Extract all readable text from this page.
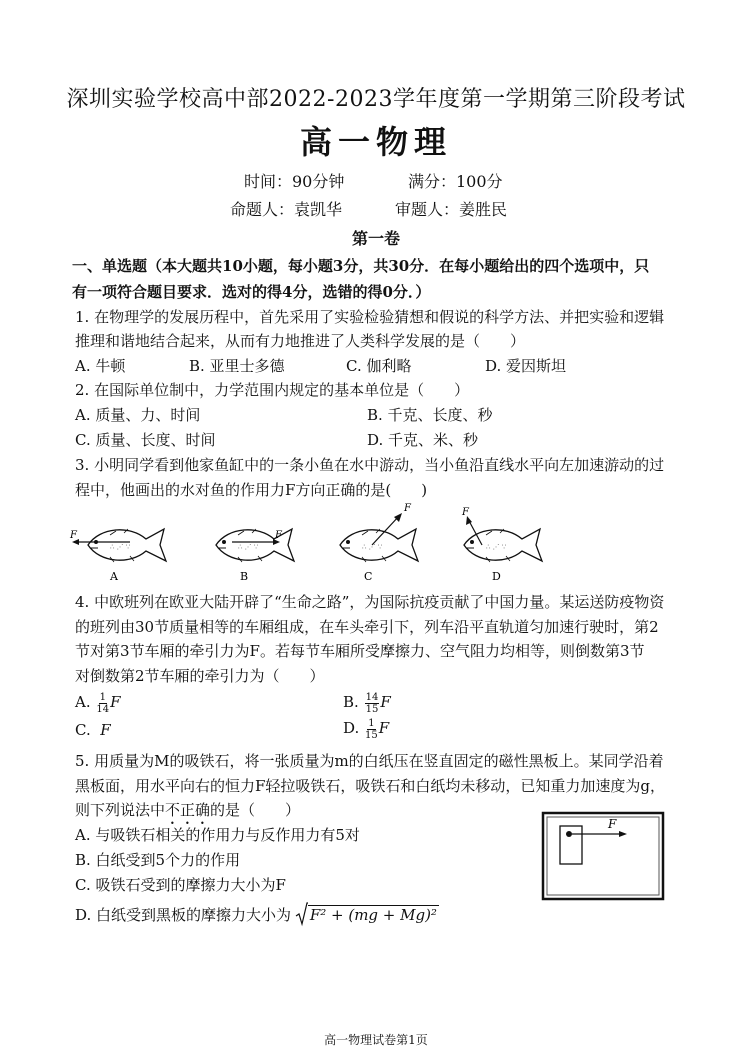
深圳实验学校高中部2022-2023学年度第一学期第三阶段考试
高一物理
时间：90分钟	满分：100分
命题人：袁凯华	审题人：姜胜民
第一卷
一、单选题（本大题共10小题，每小题3分，共30分．在每小题给出的四个选项中，只
有一项符合题目要求．选对的得4分，选错的得0分．）
1. 在物理学的发展历程中，首先采用了实验检验猜想和假说的科学方法、并把实验和逻辑
推理和谐地结合起来，从而有力地推进了人类科学发展的是（　　）
A. 牛顿	B. 亚里士多德	C. 伽利略	D. 爱因斯坦
2. 在国际单位制中，力学范围内规定的基本单位是（　　）
A. 质量、力、时间	B. 千克、长度、秒
C. 质量、长度、时间	D. 千克、米、秒
3. 小明同学看到他家鱼缸中的一条小鱼在水中游动，当小鱼沿直线水平向左加速游动的过
程中，他画出的水对鱼的作用力F方向正确的是(　　)
F
A
F
B
F
C
F
D
4. 中欧班列在欧亚大陆开辟了“生命之路”，为国际抗疫贡献了中国力量。某运送防疫物资
的班列由30节质量相等的车厢组成，在车头牵引下，列车沿平直轨道匀加速行驶时，第2
节对第3节车厢的牵引力为F。若每节车厢所受摩擦力、空气阻力均相等，则倒数第3节
对倒数第2节车厢的牵引力为（　　）
A. $\frac{1}{14}$ F	B. $\frac{14}{15}$ F
C. F	D. $\frac{1}{15}$ F
5. 用质量为M的吸铁石，将一张质量为m的白纸压在竖直固定的磁性黑板上。某同学沿着
黑板面，用水平向右的恒力F轻拉吸铁石，吸铁石和白纸均未移动，已知重力加速度为g，
则下列说法中不正确的是（　　）
A. 与吸铁石相关的作用力与反作用力有5对
B. 白纸受到5个力的作用
C. 吸铁石受到的摩擦力大小为F
D. 白纸受到黑板的摩擦力大小为 F² + (mg + Mg)²
F
高一物理试卷第1页
